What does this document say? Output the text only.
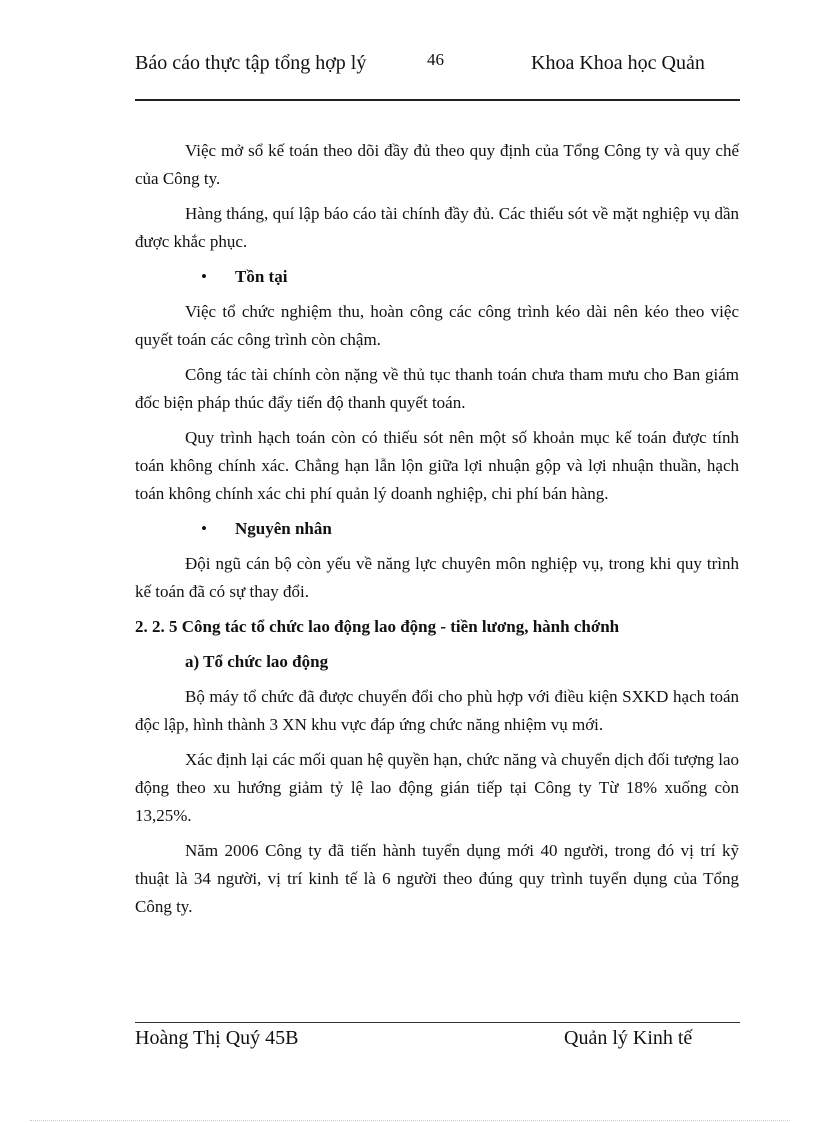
Báo cáo thực tập tổng hợp lý	46	Khoa Khoa học Quản

Việc mở sổ kế toán theo dõi đầy đủ theo quy định của Tổng Công ty và quy chế của Công ty.

Hàng tháng, quí lập báo cáo tài chính đầy đủ. Các thiếu sót về mặt nghiệp vụ dần được khắc phục.

•	Tồn tại

Việc tổ chức nghiệm thu, hoàn công các công trình kéo dài nên kéo theo việc quyết toán các công trình còn chậm.

Công tác tài chính còn nặng về thủ tục thanh toán chưa tham mưu cho Ban giám đốc biện pháp thúc đẩy tiến độ thanh quyết toán.

Quy trình hạch toán còn có thiếu sót nên một số khoản mục kế toán được tính toán không chính xác. Chẳng hạn lẫn lộn giữa lợi nhuận gộp và lợi nhuận thuần, hạch toán không chính xác chi phí quản lý doanh nghiệp, chi phí bán hàng.

•	Nguyên nhân

Đội ngũ cán bộ còn yếu về năng lực chuyên môn nghiệp vụ, trong khi quy trình kế toán đã có sự thay đổi.

2. 2. 5 Công tác tổ chức lao động lao động - tiền lương, hành chớnh
a) Tổ chức lao động

Bộ máy tổ chức đã được chuyển đổi cho phù hợp với điều kiện SXKD hạch toán độc lập, hình thành 3 XN khu vực đáp ứng chức năng nhiệm vụ mới.

Xác định lại các mối quan hệ quyền hạn, chức năng và chuyển dịch đối tượng lao động theo xu hướng giảm tỷ lệ lao động gián tiếp tại Công ty Từ 18% xuống còn 13,25%.

Năm 2006 Công ty đã tiến hành tuyển dụng mới 40 người, trong đó vị trí kỹ thuật là 34 người, vị trí kinh tế là 6 người theo đúng quy trình tuyển dụng của Tổng Công ty.

Hoàng Thị Quý 45B	Quản lý Kinh tế
